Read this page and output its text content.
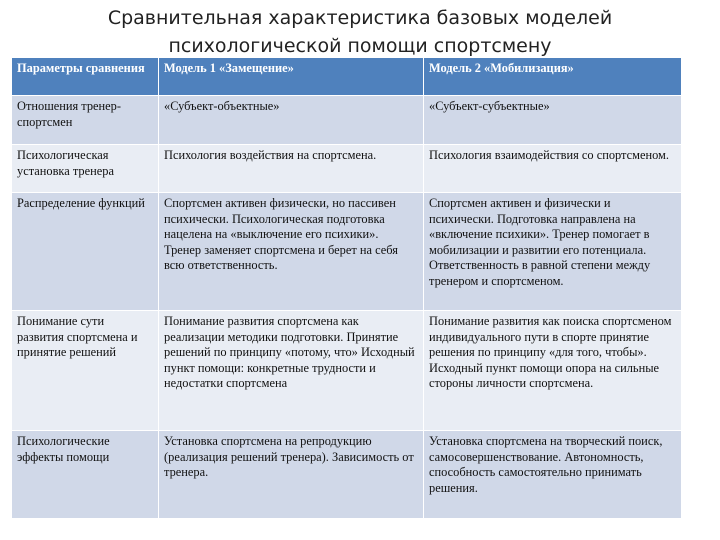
Сравнительная характеристика базовых моделей психологической помощи спортсмену
Параметры сравнения	Модель 1 «Замещение»	Модель 2 «Мобилизация»
Отношения тренер-спортсмен	«Субъект-объектные»	«Субъект-субъектные»
Психологическая установка тренера	Психология воздействия на спортсмена.	Психология взаимодействия со спортсменом.
Распределение функций	Спортсмен активен физически, но пассивен психически. Психологическая подготовка нацелена на «выключение его психики». Тренер заменяет спортсмена и берет на себя всю ответственность.	Спортсмен активен и физически и психически. Подготовка направлена на «включение психики». Тренер помогает в мобилизации и развитии его потенциала. Ответственность в равной степени между тренером и спортсменом.
Понимание сути развития спортсмена и принятие решений	Понимание развития спортсмена как реализации методики подготовки. Принятие решений по принципу «потому, что» Исходный пункт помощи: конкретные трудности и недостатки спортсмена	Понимание развития как поиска спортсменом индивидуального пути в спорте принятие решения по принципу «для того, чтобы». Исходный пункт помощи опора на сильные стороны личности спортсмена.
Психологические эффекты помощи	Установка спортсмена на репродукцию (реализация решений тренера). Зависимость от тренера.	Установка спортсмена на творческий поиск, самосовершенствование. Автономность, способность самостоятельно принимать решения.
